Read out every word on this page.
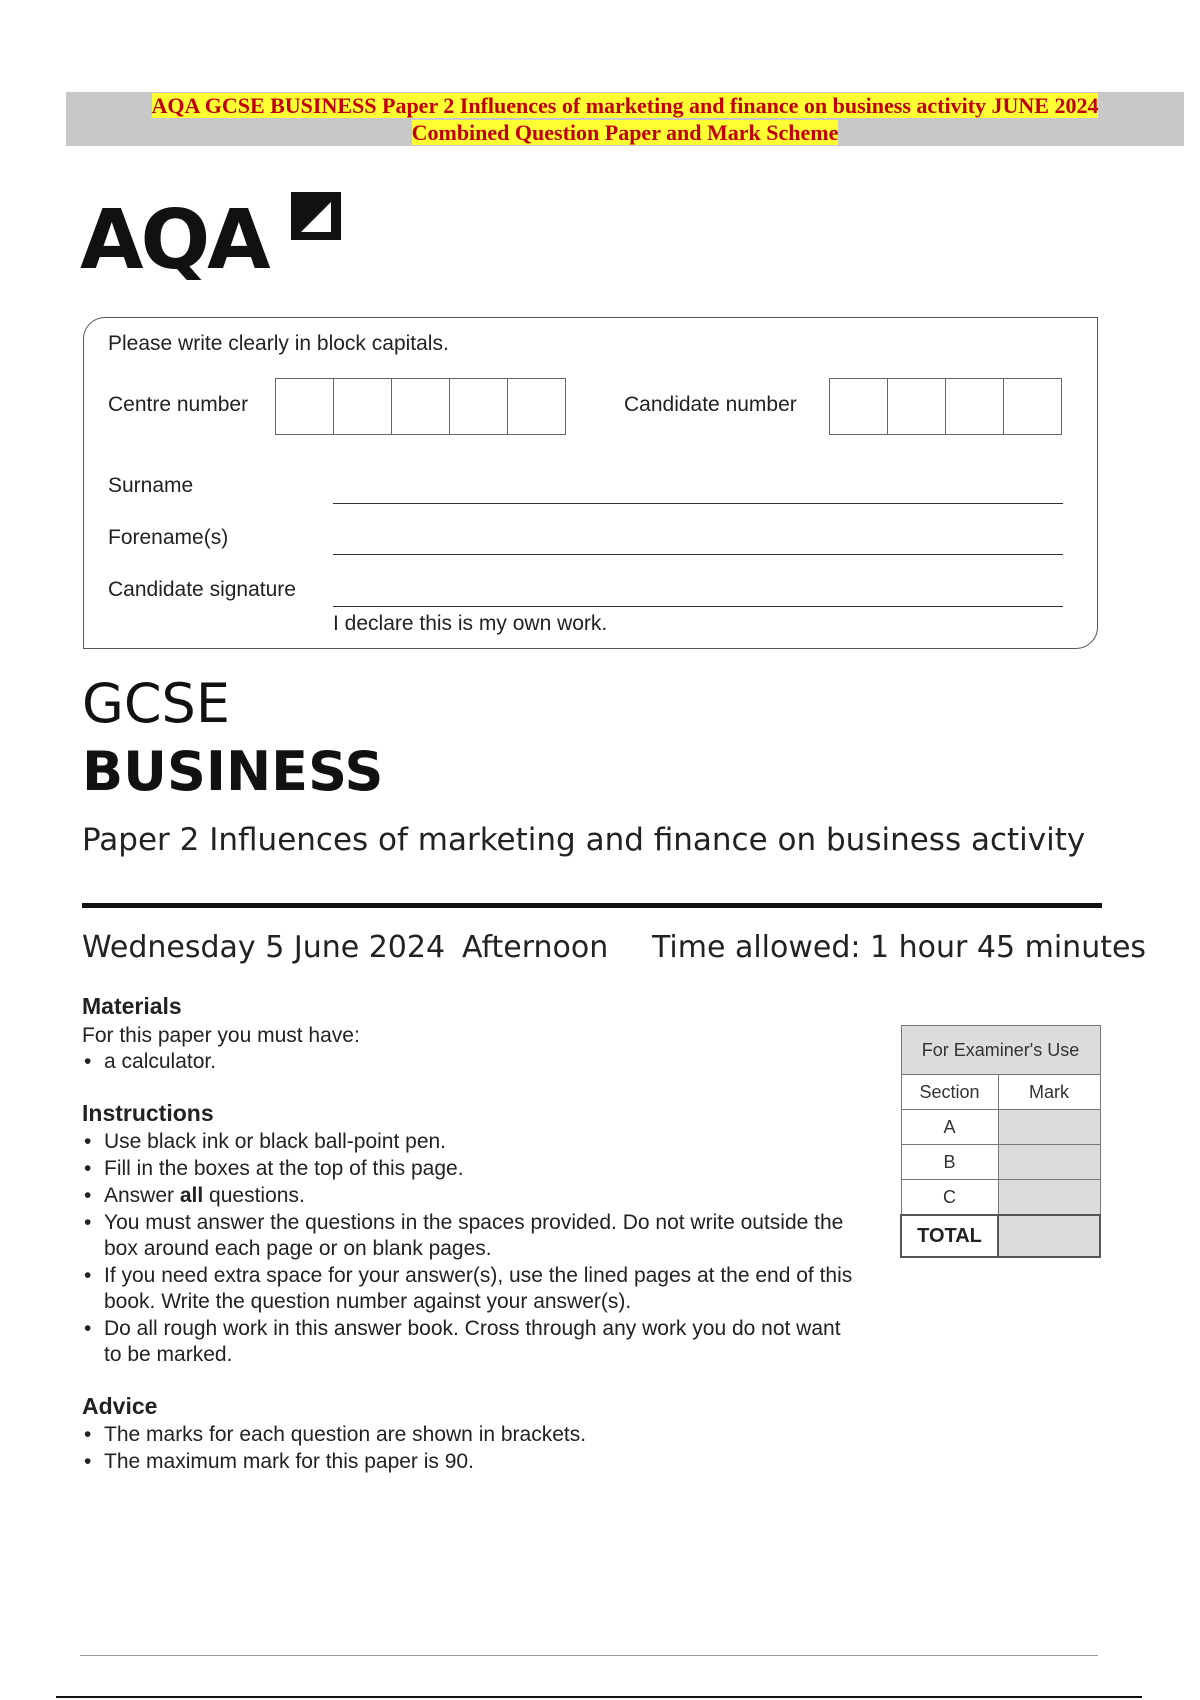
AQA GCSE BUSINESS Paper 2 Influences of marketing and finance on business activity JUNE 2024
Combined Question Paper and Mark Scheme
AQA
Please write clearly in block capitals.
Centre number	Candidate number
Surname
Forename(s)
Candidate signature
I declare this is my own work.
GCSE
BUSINESS
Paper 2 Influences of marketing and finance on business activity
Wednesday 5 June 2024 Afternoon Time allowed: 1 hour 45 minutes

Materials

For this paper you must have:

• a calculator.

Instructions

• Use black ink or black ball-point pen.
• Fill in the boxes at the top of this page.
• Answer all questions.
• You must answer the questions in the spaces provided. Do not write outside the box around each page or on blank pages.
• If you need extra space for your answer(s), use the lined pages at the end of this book. Write the question number against your answer(s).
• Do all rough work in this answer book. Cross through any work you do not want to be marked.

Advice

• The marks for each question are shown in brackets.
• The maximum mark for this paper is 90.
For Examiner's Use	
Section	Mark
A	
B	
C	
TOTAL	
